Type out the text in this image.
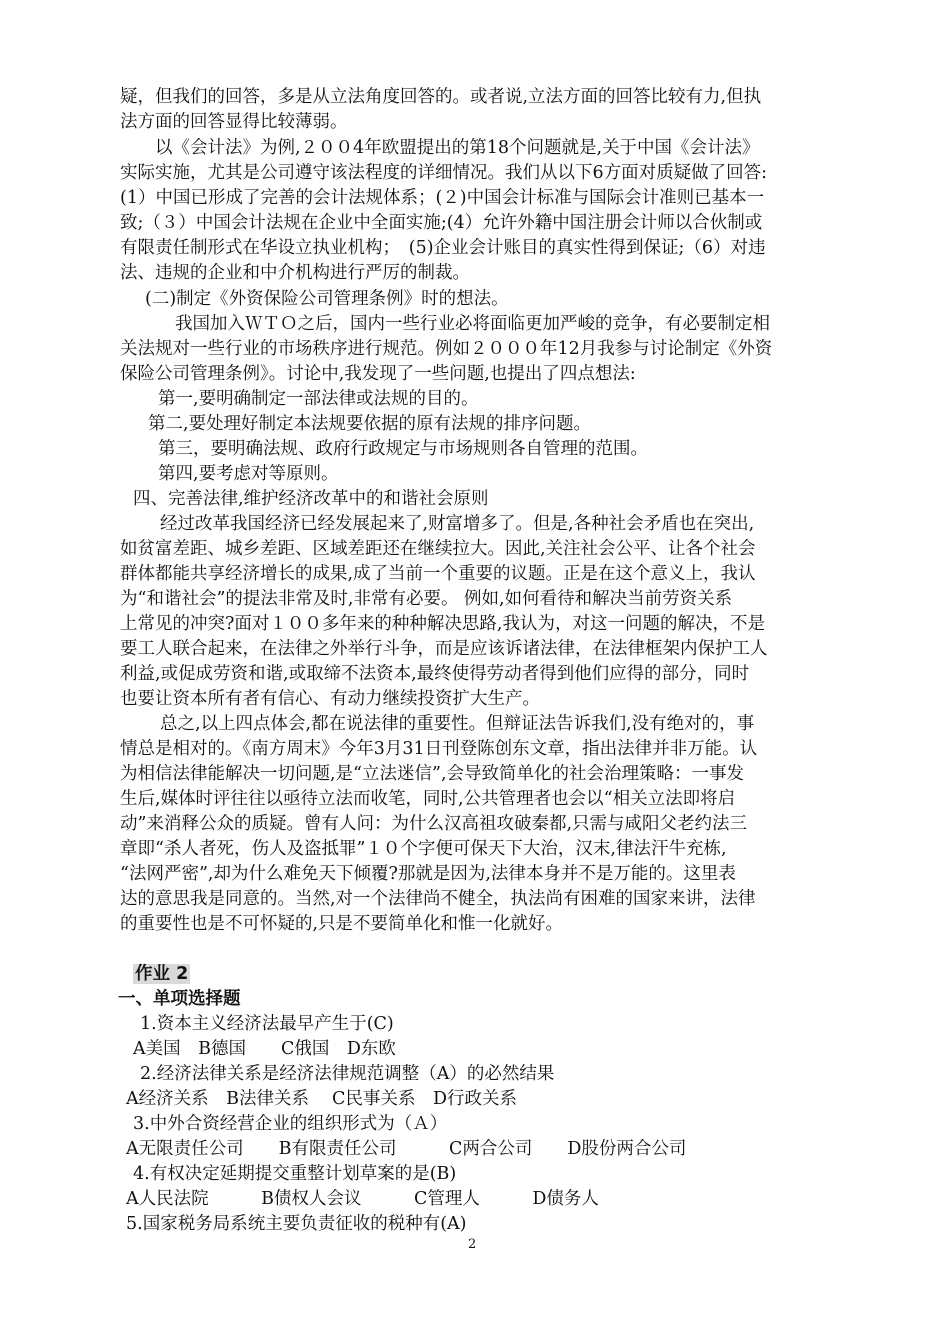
疑，但我们的回答，多是从立法角度回答的。或者说,立法方面的回答比较有力,但执
法方面的回答显得比较薄弱。
以《会计法》为例,２００4年欧盟提出的第18个问题就是,关于中国《会计法》
实际实施，尤其是公司遵守该法程度的详细情况。我们从以下6方面对质疑做了回答:
(1）中国已形成了完善的会计法规体系；(２)中国会计标准与国际会计准则已基本一
致;（３）中国会计法规在企业中全面实施;(4）允许外籍中国注册会计师以合伙制或
有限责任制形式在华设立执业机构；　(5)企业会计账目的真实性得到保证;（6）对违
法、违规的企业和中介机构进行严厉的制裁。
(二)制定《外资保险公司管理条例》时的想法。
我国加入ＷＴＯ之后，国内一些行业必将面临更加严峻的竞争，有必要制定相
关法规对一些行业的市场秩序进行规范。例如２０００年12月我参与讨论制定《外资
保险公司管理条例》。讨论中,我发现了一些问题,也提出了四点想法:
第一,要明确制定一部法律或法规的目的。
第二,要处理好制定本法规要依据的原有法规的排序问题。
第三，要明确法规、政府行政规定与市场规则各自管理的范围。
第四,要考虑对等原则。
四、完善法律,维护经济改革中的和谐社会原则
经过改革我国经济已经发展起来了,财富增多了。但是,各种社会矛盾也在突出,
如贫富差距、城乡差距、区域差距还在继续拉大。因此,关注社会公平、让各个社会
群体都能共享经济增长的成果,成了当前一个重要的议题。正是在这个意义上，我认
为“和谐社会”的提法非常及时,非常有必要。 例如,如何看待和解决当前劳资关系
上常见的冲突?面对１００多年来的种种解决思路,我认为，对这一问题的解决，不是
要工人联合起来，在法律之外举行斗争，而是应该诉诸法律，在法律框架内保护工人
利益,或促成劳资和谐,或取缔不法资本,最终使得劳动者得到他们应得的部分，同时
也要让资本所有者有信心、有动力继续投资扩大生产。
总之,以上四点体会,都在说法律的重要性。但辩证法告诉我们,没有绝对的，事
情总是相对的。《南方周末》今年3月31日刊登陈创东文章，指出法律并非万能。认
为相信法律能解决一切问题,是“立法迷信”,会导致简单化的社会治理策略：一事发
生后,媒体时评往往以亟待立法而收笔，同时,公共管理者也会以“相关立法即将启
动”来消释公众的质疑。曾有人问：为什么汉高祖攻破秦都,只需与咸阳父老约法三
章即“杀人者死，伤人及盗抵罪”１０个字便可保天下大治，汉末,律法汗牛充栋,
“法网严密”,却为什么难免天下倾覆?那就是因为,法律本身并不是万能的。这里表
达的意思我是同意的。当然,对一个法律尚不健全，执法尚有困难的国家来讲，法律
的重要性也是不可怀疑的,只是不要简单化和惟一化就好。
作业 2
一、单项选择题
1.资本主义经济法最早产生于(C)
A美国　B德国　　C俄国　D东欧
2.经济法律关系是经济法律规范调整（A）的必然结果
A经济关系　B法律关系　 C民事关系　D行政关系
3.中外合资经营企业的组织形式为（Ａ）
A无限责任公司　　B有限责任公司　　　C两合公司　　D股份两合公司
4.有权决定延期提交重整计划草案的是(B)
A人民法院　　　B债权人会议　　　C管理人　　　D债务人
5.国家税务局系统主要负责征收的税种有(A)
2
